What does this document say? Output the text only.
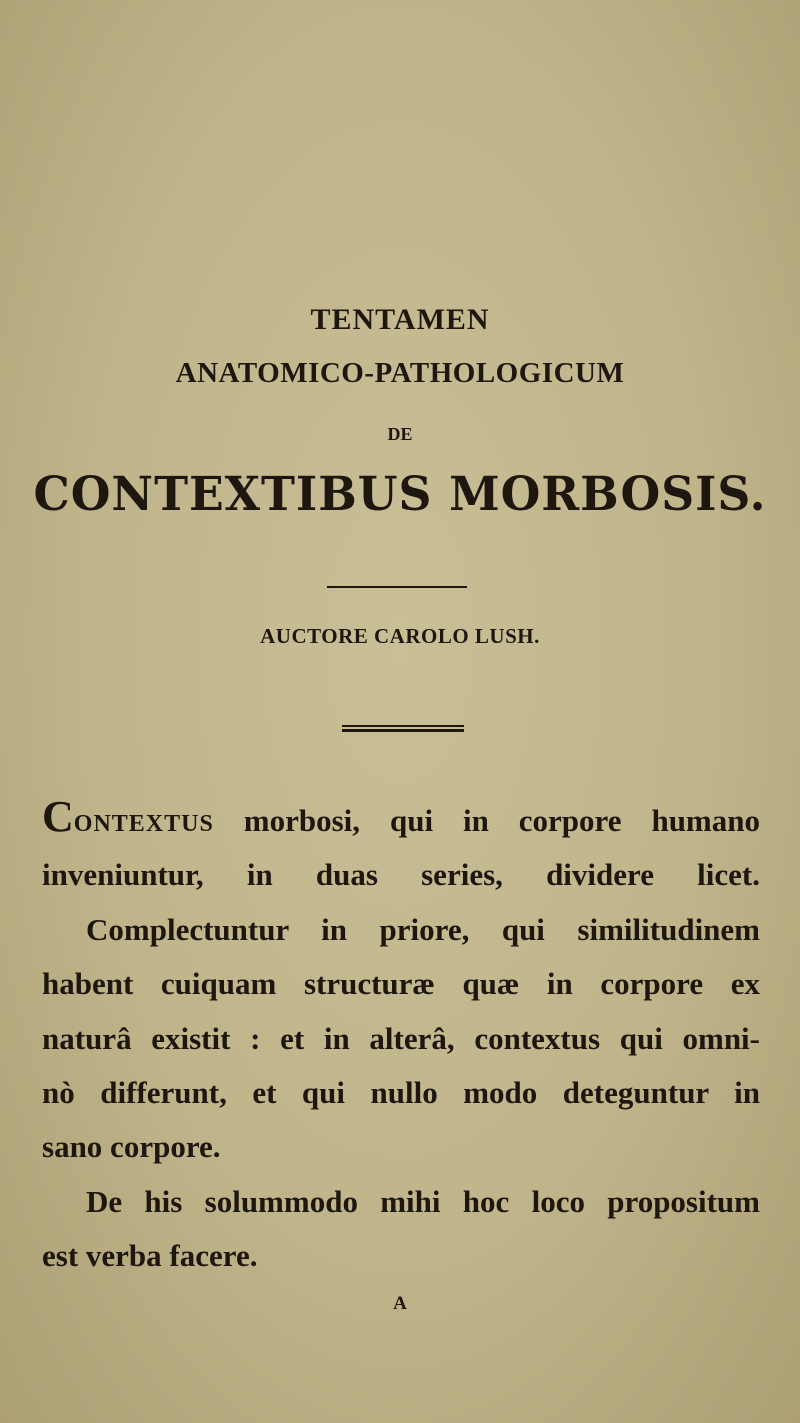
TENTAMEN

ANATOMICO-PATHOLOGICUM

DE

CONTEXTIBUS MORBOSIS.

AUCTORE CAROLO LUSH.

CONTEXTUS morbosi, qui in corpore humano
inveniuntur, in duas series, dividere licet.
Complectuntur in priore, qui similitudinem
habent cuiquam structuræ quæ in corpore ex
naturâ existit : et in alterâ, contextus qui omni-
nò differunt, et qui nullo modo deteguntur in
sano corpore.
De his solummodo mihi hoc loco propositum
est verba facere.

A
